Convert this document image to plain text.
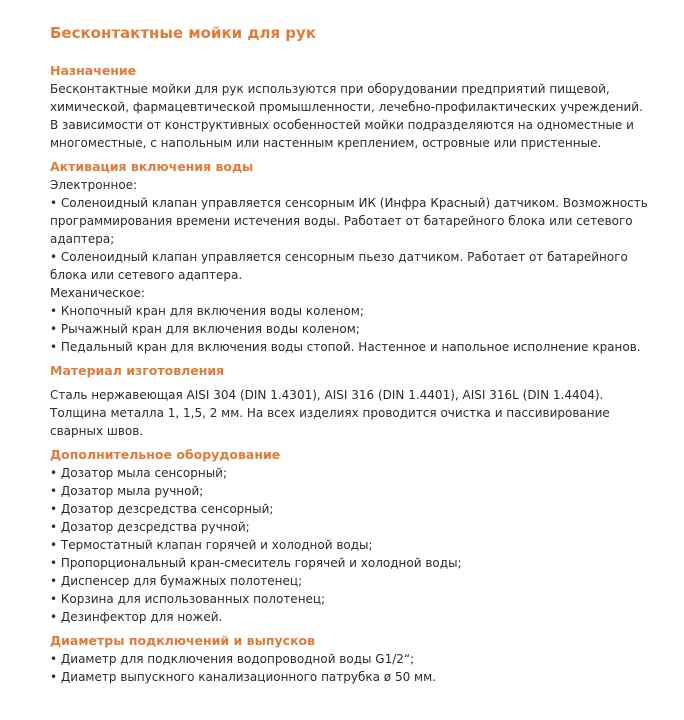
Бесконтактные мойки для рук
Назначение

Бесконтактные мойки для рук используются при оборудовании предприятий пищевой,

химической, фармацевтической промышленности, лечебно-профилактических учреждений.

В зависимости от конструктивных особенностей мойки подразделяются на одноместные и

многоместные, с напольным или настенным креплением, островные или пристенные.

Активация включения воды

Электронное:

• Соленоидный клапан управляется сенсорным ИК (Инфра Красный) датчиком. Возможность

программирования времени истечения воды. Работает от батарейного блока или сетевого

адаптера;

• Соленоидный клапан управляется сенсорным пьезо датчиком. Работает от батарейного

блока или сетевого адаптера.

Механическое:

• Кнопочный кран для включения воды коленом;

• Рычажный кран для включения воды коленом;

• Педальный кран для включения воды стопой. Настенное и напольное исполнение кранов.

Материал изготовления

Сталь нержавеющая AISI 304 (DIN 1.4301), AISI 316 (DIN 1.4401), AISI 316L (DIN 1.4404).

Толщина металла 1, 1,5, 2 мм. На всех изделиях проводится очистка и пассивирование

сварных швов.

Дополнительное оборудование
• Дозатор мыла сенсорный;
• Дозатор мыла ручной;
• Дозатор дезсредства сенсорный;
• Дозатор дезсредства ручной;
• Термостатный клапан горячей и холодной воды;
• Пропорциональный кран-смеситель горячей и холодной воды;
• Диспенсер для бумажных полотенец;
• Корзина для использованных полотенец;
• Дезинфектор для ножей.
Диаметры подключений и выпусков
• Диаметр для подключения водопроводной воды G1/2“;
• Диаметр выпускного канализационного патрубка ø 50 мм.
